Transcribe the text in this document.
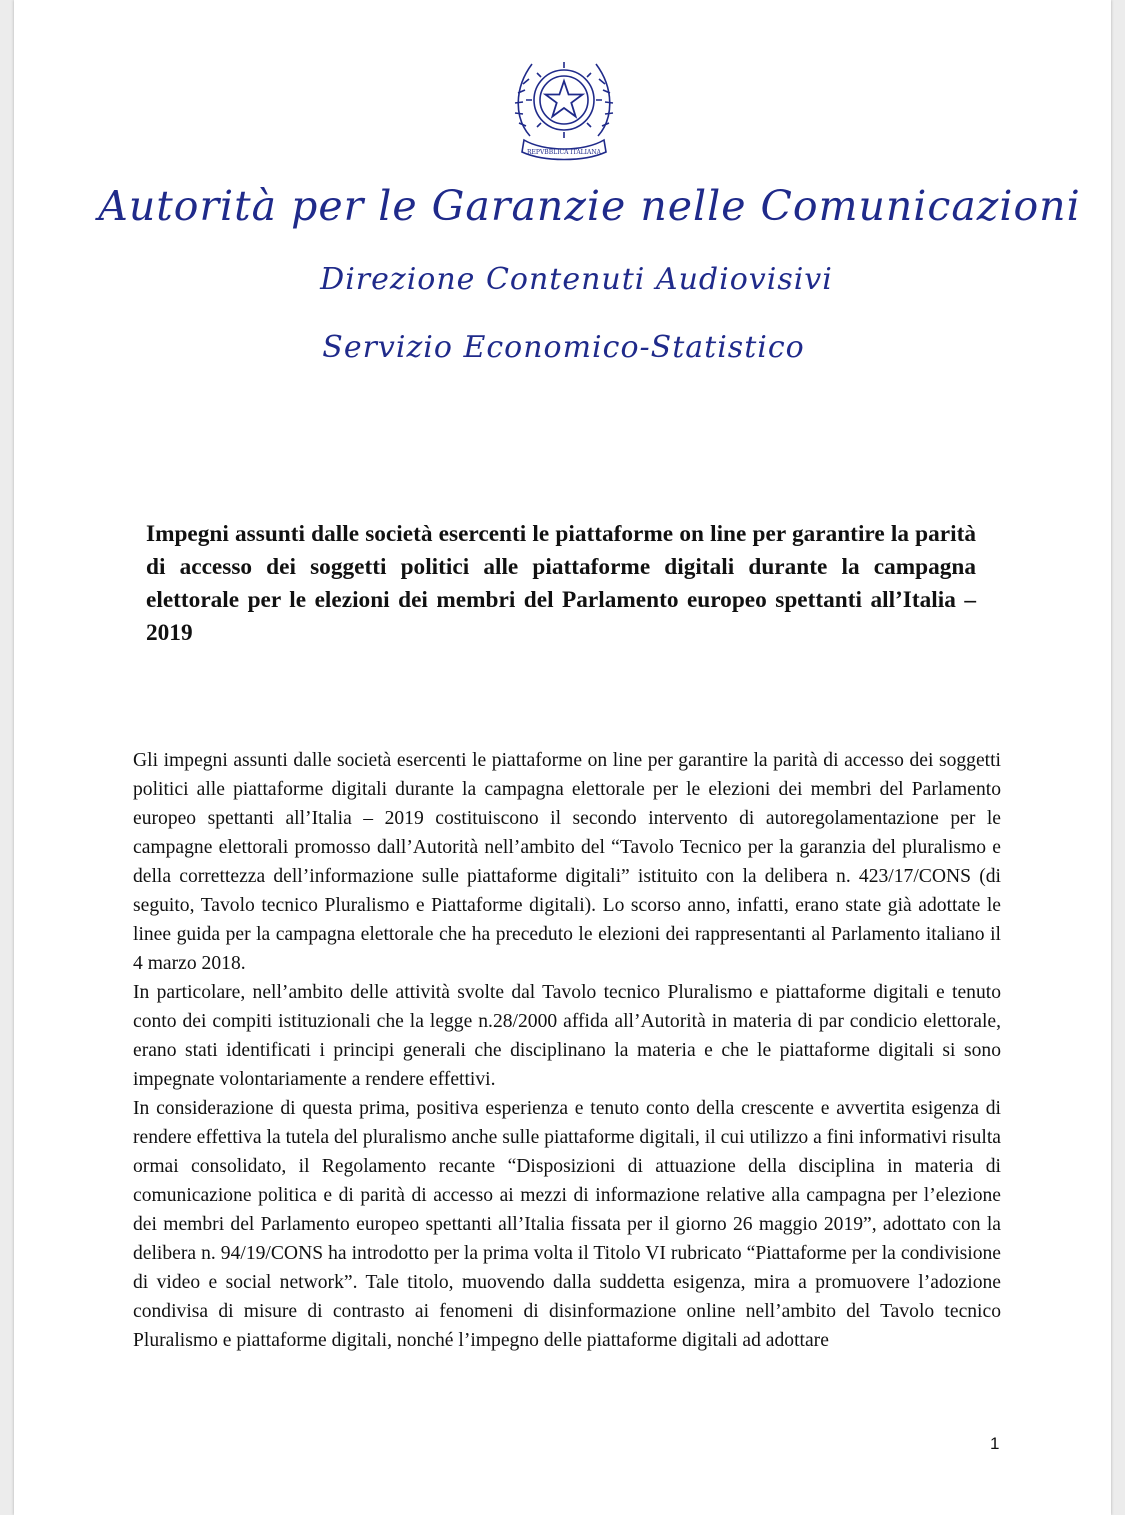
REPVBBLICA ITALIANA
Autorità per le Garanzie nelle Comunicazioni
Direzione Contenuti Audiovisivi
Servizio Economico-Statistico
Impegni assunti dalle società esercenti le piattaforme on line per garantire la parità di accesso dei soggetti politici alle piattaforme digitali durante la campagna elettorale per le elezioni dei membri del Parlamento europeo spettanti all’Italia – 2019

Gli impegni assunti dalle società esercenti le piattaforme on line per garantire la parità di accesso dei soggetti politici alle piattaforme digitali durante la campagna elettorale per le elezioni dei membri del Parlamento europeo spettanti all’Italia – 2019 costituiscono il secondo intervento di autoregolamentazione per le campagne elettorali promosso dall’Autorità nell’ambito del “Tavolo Tecnico per la garanzia del pluralismo e della correttezza dell’informazione sulle piattaforme digitali” istituito con la delibera n. 423/17/CONS (di seguito, Tavolo tecnico Pluralismo e Piattaforme digitali). Lo scorso anno, infatti, erano state già adottate le linee guida per la campagna elettorale che ha preceduto le elezioni dei rappresentanti al Parlamento italiano il 4 marzo 2018.

In particolare, nell’ambito delle attività svolte dal Tavolo tecnico Pluralismo e piattaforme digitali e tenuto conto dei compiti istituzionali che la legge n.28/2000 affida all’Autorità in materia di par condicio elettorale, erano stati identificati i principi generali che disciplinano la materia e che le piattaforme digitali si sono impegnate volontariamente a rendere effettivi.

In considerazione di questa prima, positiva esperienza e tenuto conto della crescente e avvertita esigenza di rendere effettiva la tutela del pluralismo anche sulle piattaforme digitali, il cui utilizzo a fini informativi risulta ormai consolidato, il Regolamento recante “Disposizioni di attuazione della disciplina in materia di comunicazione politica e di parità di accesso ai mezzi di informazione relative alla campagna per l’elezione dei membri del Parlamento europeo spettanti all’Italia fissata per il giorno 26 maggio 2019”, adottato con la delibera n. 94/19/CONS ha introdotto per la prima volta il Titolo VI rubricato “Piattaforme per la condivisione di video e social network”. Tale titolo, muovendo dalla suddetta esigenza, mira a promuovere l’adozione condivisa di misure di contrasto ai fenomeni di disinformazione online nell’ambito del Tavolo tecnico Pluralismo e piattaforme digitali, nonché l’impegno delle piattaforme digitali ad adottare

1
